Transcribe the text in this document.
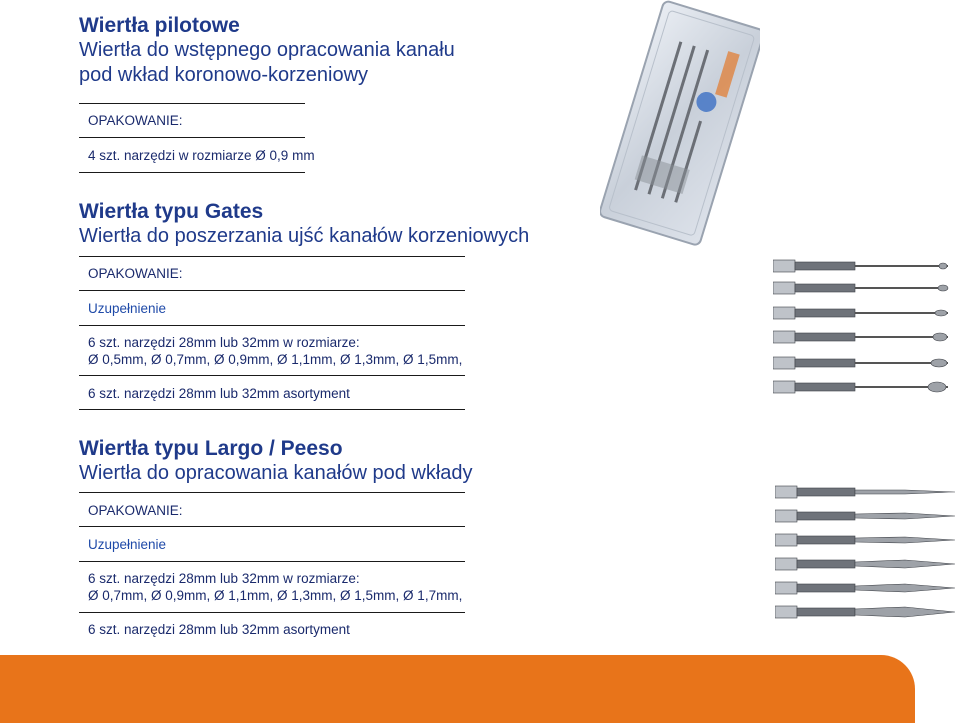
Wiertła pilotowe
Wiertła do wstępnego opracowania kanału
pod wkład koronowo-korzeniowy
OPAKOWANIE:
4 szt. narzędzi w rozmiarze Ø 0,9 mm
Wiertła typu Gates
Wiertła do poszerzania ujść kanałów korzeniowych
OPAKOWANIE:
Uzupełnienie
6 szt. narzędzi 28mm lub 32mm w rozmiarze:
Ø 0,5mm, Ø 0,7mm, Ø 0,9mm, Ø 1,1mm, Ø 1,3mm, Ø 1,5mm,
6 szt. narzędzi 28mm lub 32mm asortyment
Wiertła typu Largo / Peeso
Wiertła do opracowania kanałów pod wkłady
OPAKOWANIE:
Uzupełnienie
6 szt. narzędzi 28mm lub 32mm w rozmiarze:
Ø 0,7mm, Ø 0,9mm, Ø 1,1mm, Ø 1,3mm, Ø 1,5mm, Ø 1,7mm,
6 szt. narzędzi 28mm lub 32mm asortyment
